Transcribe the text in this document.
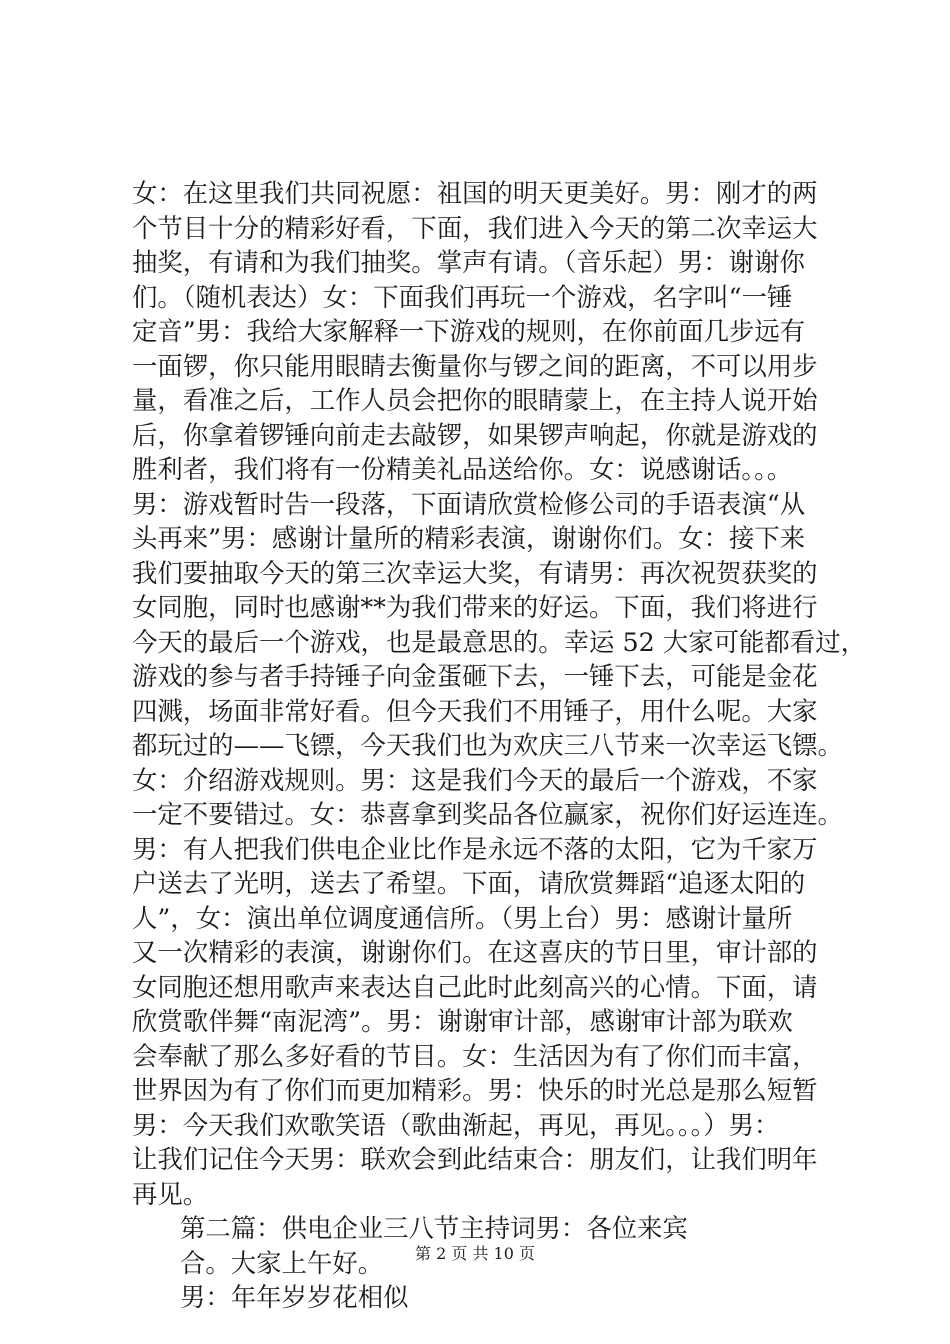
女：在这里我们共同祝愿：祖国的明天更美好。男：刚才的两
个节目十分的精彩好看，下面，我们进入今天的第二次幸运大
抽奖，有请和为我们抽奖。掌声有请。（音乐起）男：谢谢你
们。（随机表达）女：下面我们再玩一个游戏，名字叫“一锤
定音”男：我给大家解释一下游戏的规则，在你前面几步远有
一面锣，你只能用眼睛去衡量你与锣之间的距离，不可以用步
量，看准之后，工作人员会把你的眼睛蒙上，在主持人说开始
后，你拿着锣锤向前走去敲锣，如果锣声响起，你就是游戏的
胜利者，我们将有一份精美礼品送给你。女：说感谢话。。。
男：游戏暂时告一段落，下面请欣赏检修公司的手语表演“从
头再来”男：感谢计量所的精彩表演，谢谢你们。女：接下来
我们要抽取今天的第三次幸运大奖，有请男：再次祝贺获奖的
女同胞，同时也感谢**为我们带来的好运。下面，我们将进行
今天的最后一个游戏，也是最意思的。幸运 52 大家可能都看过，
游戏的参与者手持锤子向金蛋砸下去，一锤下去，可能是金花
四溅，场面非常好看。但今天我们不用锤子，用什么呢。大家
都玩过的——飞镖，今天我们也为欢庆三八节来一次幸运飞镖。
女：介绍游戏规则。男：这是我们今天的最后一个游戏，不家
一定不要错过。女：恭喜拿到奖品各位赢家，祝你们好运连连。
男：有人把我们供电企业比作是永远不落的太阳，它为千家万
户送去了光明，送去了希望。下面，请欣赏舞蹈“追逐太阳的
人”，女：演出单位调度通信所。（男上台）男：感谢计量所
又一次精彩的表演，谢谢你们。在这喜庆的节日里，审计部的
女同胞还想用歌声来表达自己此时此刻高兴的心情。下面，请
欣赏歌伴舞“南泥湾”。男：谢谢审计部，感谢审计部为联欢
会奉献了那么多好看的节目。女：生活因为有了你们而丰富，
世界因为有了你们而更加精彩。男：快乐的时光总是那么短暂
男：今天我们欢歌笑语（歌曲渐起，再见，再见。。。）男：
让我们记住今天男：联欢会到此结束合：朋友们，让我们明年
再见。
第二篇：供电企业三八节主持词男：各位来宾
合。大家上午好。
男：年年岁岁花相似
第 2 页 共 10 页
